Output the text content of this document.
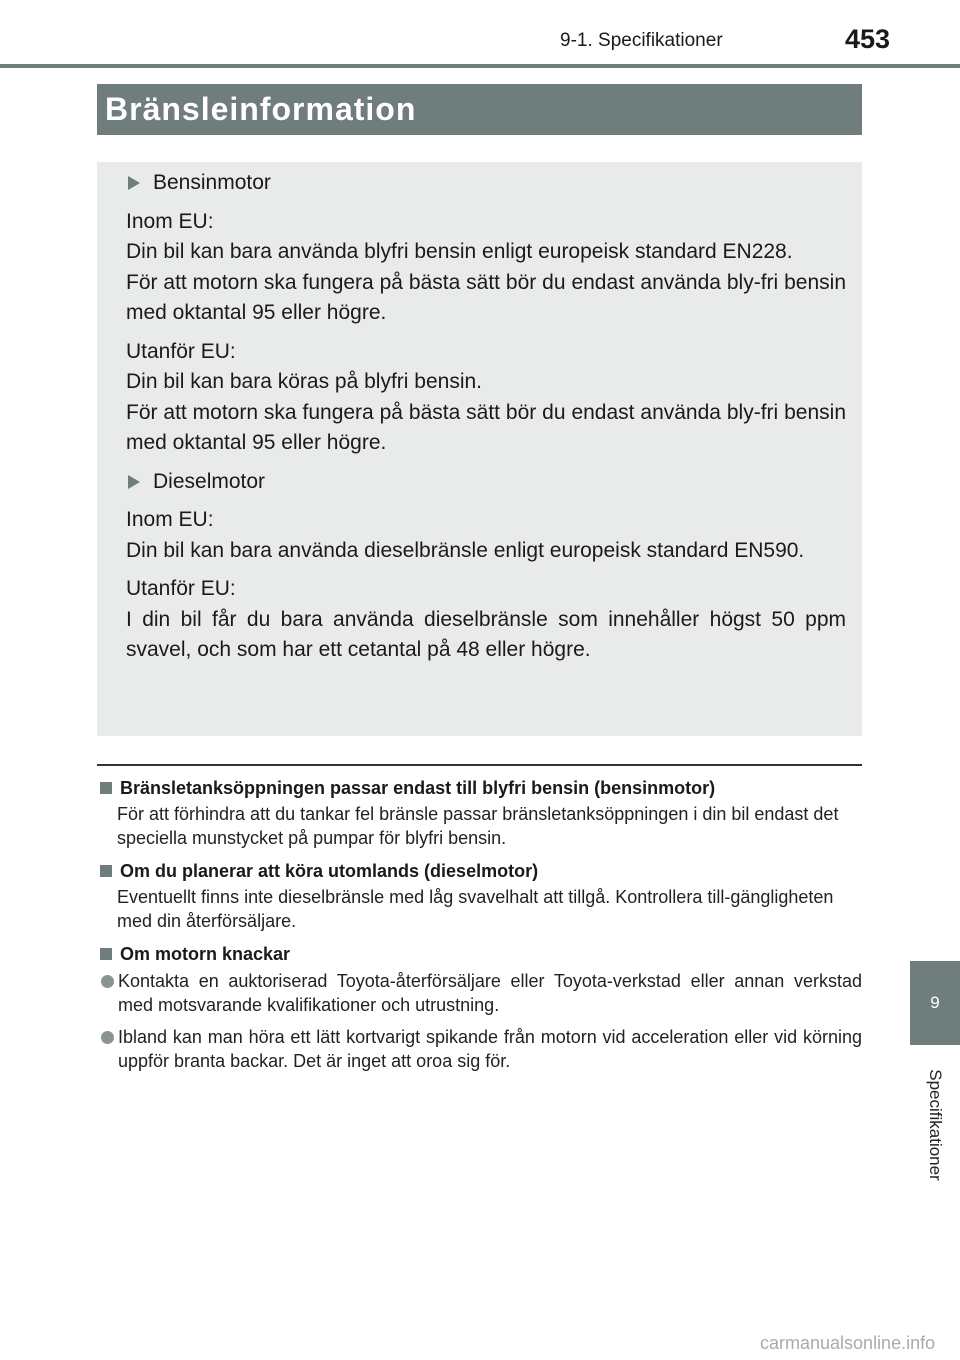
9-1. Specifikationer	453
Bränsleinformation
Bensinmotor
Inom EU:
Din bil kan bara använda blyfri bensin enligt europeisk standard EN228.
För att motorn ska fungera på bästa sätt bör du endast använda bly-fri bensin med oktantal 95 eller högre.
Utanför EU:
Din bil kan bara köras på blyfri bensin.
För att motorn ska fungera på bästa sätt bör du endast använda bly-fri bensin med oktantal 95 eller högre.
Dieselmotor
Inom EU:
Din bil kan bara använda dieselbränsle enligt europeisk standard EN590.
Utanför EU:
I din bil får du bara använda dieselbränsle som innehåller högst 50 ppm svavel, och som har ett cetantal på 48 eller högre.
Bränsletanksöppningen passar endast till blyfri bensin (bensinmotor)
För att förhindra att du tankar fel bränsle passar bränsletanksöppningen i din bil endast det speciella munstycket på pumpar för blyfri bensin.
Om du planerar att köra utomlands (dieselmotor)
Eventuellt finns inte dieselbränsle med låg svavelhalt att tillgå. Kontrollera till-gängligheten med din återförsäljare.
Om motorn knackar
Kontakta en auktoriserad Toyota-återförsäljare eller Toyota-verkstad eller annan verkstad med motsvarande kvalifikationer och utrustning.
Ibland kan man höra ett lätt kortvarigt spikande från motorn vid acceleration eller vid körning uppför branta backar. Det är inget att oroa sig för.
9
Specifikationer
carmanualsonline.info
